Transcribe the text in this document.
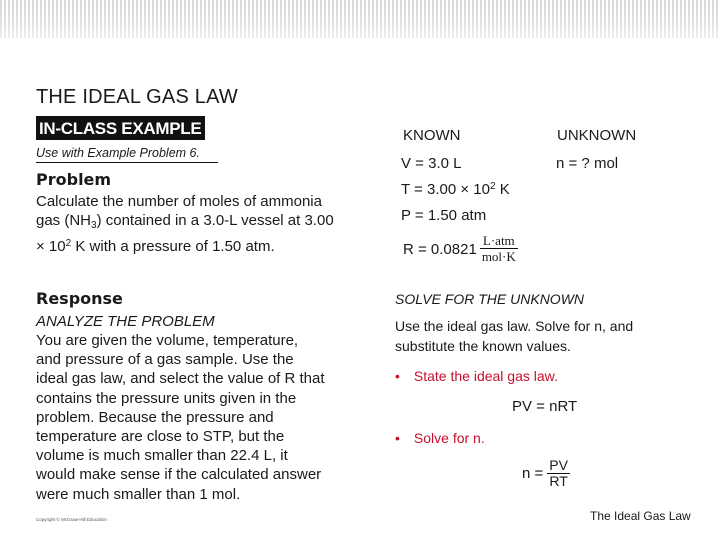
THE IDEAL GAS LAW
IN-CLASS EXAMPLE
Use with Example Problem 6.
Problem
Calculate the number of moles of ammonia gas $(NH_3)$ contained in a 3.0-L vessel at $3.00 \times 10^2$ K with a pressure of 1.50 atm.
Response
ANALYZE THE PROBLEM
You are given the volume, temperature, and pressure of a gas sample. Use the ideal gas law, and select the value of R that contains the pressure units given in the problem. Because the pressure and temperature are close to STP, but the volume is much smaller than 22.4 L, it would make sense if the calculated answer were much smaller than 1 mol.
Copyright © McGraw-Hill Education
KNOWN	UNKNOWN
V = 3.0 L	n = ? mol
$T = 3.00 \times 10^2$ K
P = 1.50 atm
$R = 0.0821 \frac{\text{L·atm}}{\text{mol·K}}$
SOLVE FOR THE UNKNOWN
Use the ideal gas law. Solve for n, and substitute the known values.
• State the ideal gas law.
PV = nRT
• Solve for n.
$n = \frac{PV}{RT}$
The Ideal Gas Law
